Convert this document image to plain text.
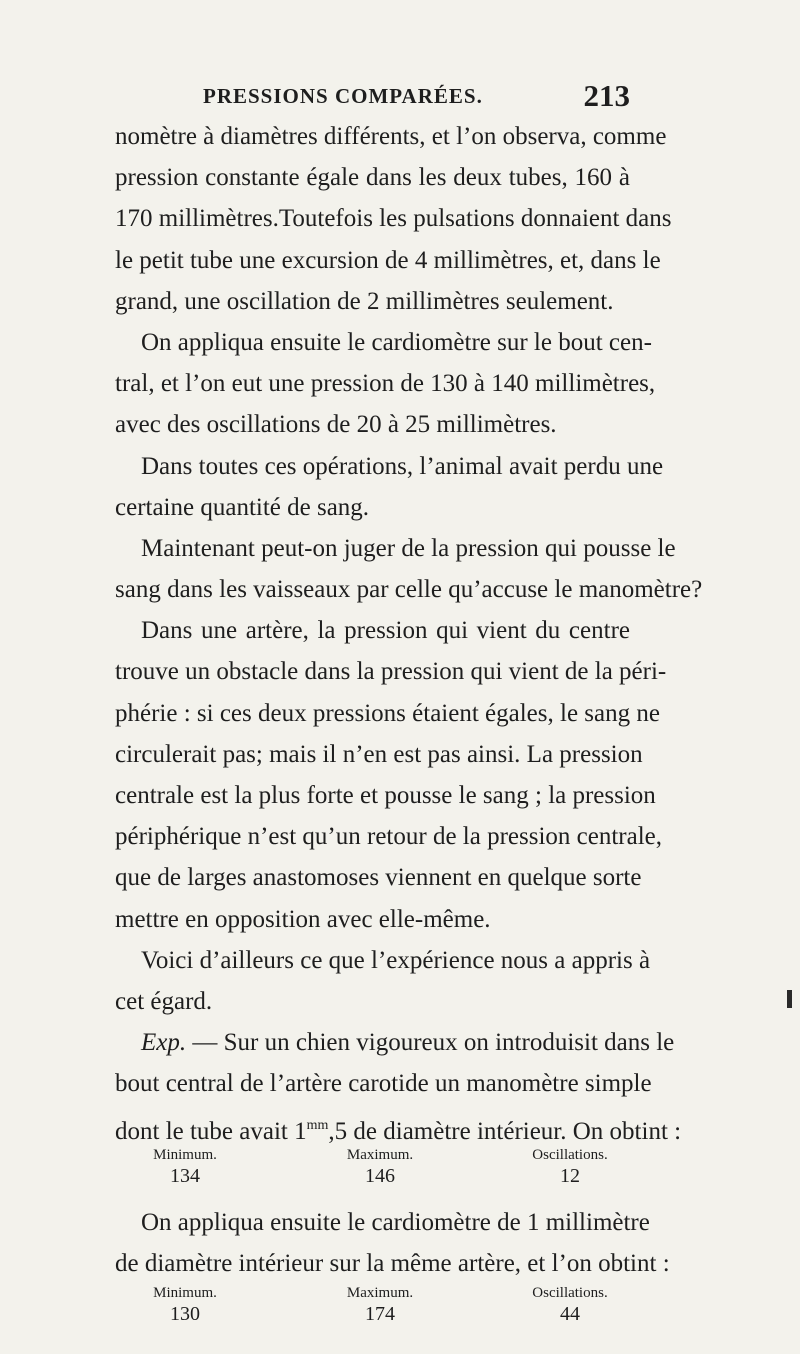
PRESSIONS COMPARÉES.	213
nomètre à diamètres différents, et l’on observa, comme
pression constante égale dans les deux tubes, 160 à
170 millimètres.Toutefois les pulsations donnaient dans
le petit tube une excursion de 4 millimètres, et, dans le
grand, une oscillation de 2 millimètres seulement.
On appliqua ensuite le cardiomètre sur le bout cen-
tral, et l’on eut une pression de 130 à 140 millimètres,
avec des oscillations de 20 à 25 millimètres.
Dans toutes ces opérations, l’animal avait perdu une
certaine quantité de sang.
Maintenant peut-on juger de la pression qui pousse le
sang dans les vaisseaux par celle qu’accuse le manomètre?
Dans une artère, la pression qui vient du centre
trouve un obstacle dans la pression qui vient de la péri-
phérie : si ces deux pressions étaient égales, le sang ne
circulerait pas; mais il n’en est pas ainsi. La pression
centrale est la plus forte et pousse le sang ; la pression
périphérique n’est qu’un retour de la pression centrale,
que de larges anastomoses viennent en quelque sorte
mettre en opposition avec elle-même.
Voici d’ailleurs ce que l’expérience nous a appris à
cet égard.
Exp. — Sur un chien vigoureux on introduisit dans le
bout central de l’artère carotide un manomètre simple
dont le tube avait $1^{mm},5$ de diamètre intérieur. On obtint :
Minimum.
134
Maximum.
146
Oscillations.
12
On appliqua ensuite le cardiomètre de 1 millimètre
de diamètre intérieur sur la même artère, et l’on obtint :
Minimum.
130
Maximum.
174
Oscillations.
44
